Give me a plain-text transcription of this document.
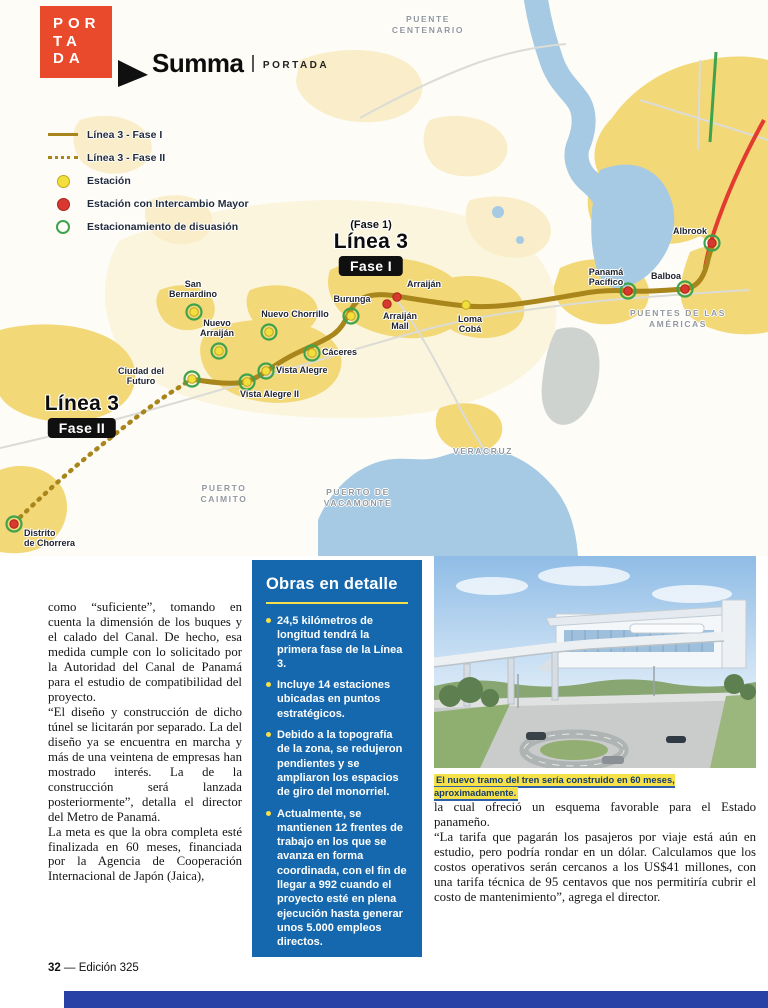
San
Bernardino
Nuevo
Arraiján
Nuevo Chorrillo
Burunga
Arraiján
Arraiján
Mall
Loma
Cobá
Cáceres
Vista Alegre
Vista Alegre II
Ciudad del
Futuro
Panamá
Pacífico
Balboa
Albrook
Distrito
de Chorrera
PUENTE
CENTENARIO
VERACRUZ
PUERTO
CAIMITO
PUERTO DE
VACAMONTE
PUENTES DE LAS
AMÉRICAS
Línea 3 - Fase I
Línea 3 - Fase II
Estación
Estación con Intercambio Mayor
Estacionamiento de disuasión	(Fase 1)
Línea 3
Fase I
Línea 3
Fase II
POR
TA
DA	Summa PORTADA

como “suficiente”, tomando en cuenta la dimensión de los buques y el calado del Canal. De hecho, esa medida cumple con lo solicitado por la Autoridad del Canal de Panamá para el estudio de compatibilidad del proyecto.

“El diseño y construcción de dicho túnel se licitarán por separado. La del diseño ya se encuentra en marcha y más de una veintena de empresas han mostrado interés. La de la construcción será lanzada posteriormente”, detalla el director del Metro de Panamá.

La meta es que la obra completa esté finalizada en 60 meses, financiada por la Agencia de Cooperación Internacional de Japón (Jaica),

Obras en detalle
24,5 kilómetros de longitud tendrá la primera fase de la Línea 3.
Incluye 14 estaciones ubicadas en puntos estratégicos.
Debido a la topografía de la zona, se redujeron pendientes y se ampliaron los espacios de giro del monorriel.
Actualmente, se mantienen 12 frentes de trabajo en los que se avanza en forma coordinada, con el fin de llegar a 992 cuando el proyecto esté en plena ejecución hasta generar unos 5.000 empleos directos.
El nuevo tramo del tren sería construido en 60 meses, aproximadamente.

la cual ofreció un esquema favorable para el Estado panameño.

“La tarifa que pagarán los pasajeros por viaje está aún en estudio, pero podría rondar en un dólar. Calculamos que los costos operativos serán cercanos a los US$41 millones, con una tarifa técnica de 95 centavos que nos permitiría cubrir el costo de mantenimiento”, agrega el director.

32 — Edición 325
